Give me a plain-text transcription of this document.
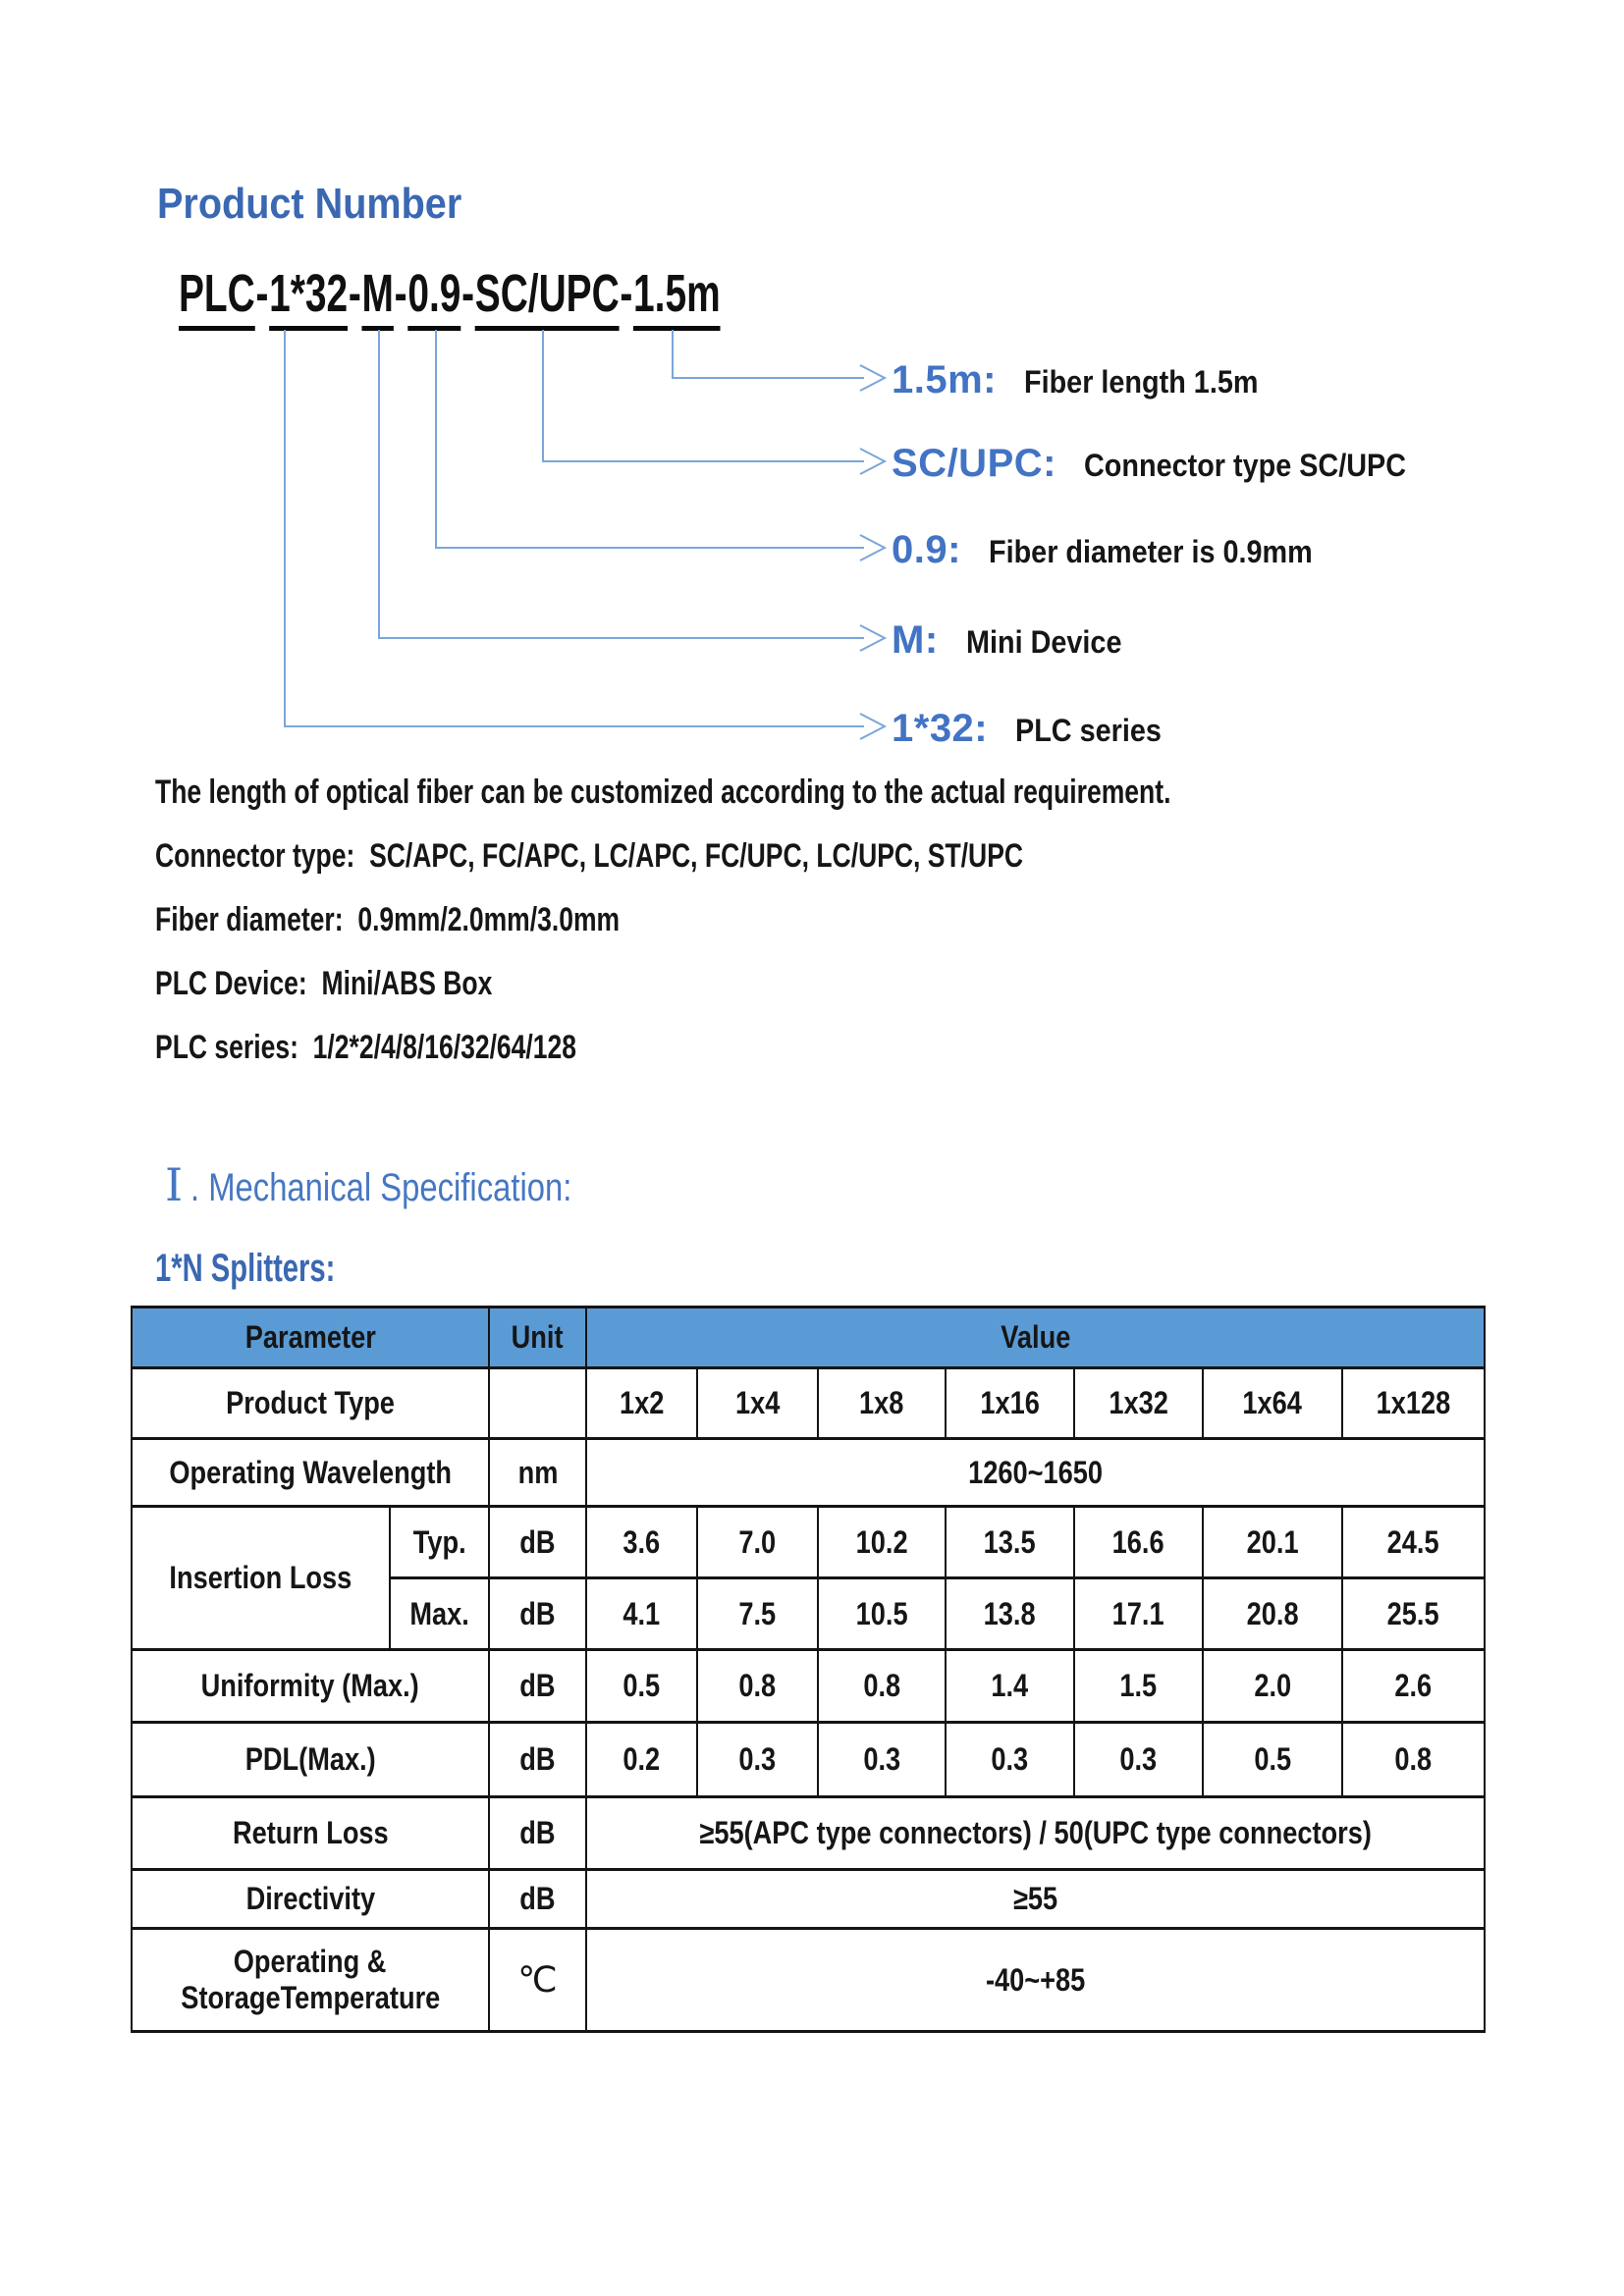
Product Number
PLC-1*32-M-0.9-SC/UPC-1.5m
1.5m: Fiber length 1.5m
SC/UPC: Connector type SC/UPC
0.9: Fiber diameter is 0.9mm
M: Mini Device
1*32: PLC series
The length of optical fiber can be customized according to the actual requirement.
Connector type:  SC/APC, FC/APC, LC/APC, FC/UPC, LC/UPC, ST/UPC
Fiber diameter:  0.9mm/2.0mm/3.0mm
PLC Device:  Mini/ABS Box
PLC series:  1/2*2/4/8/16/32/64/128
I . Mechanical Specification:
1*N Splitters:
Parameter		Unit	Value						
Product Type			1x2	1x4	1x8	1x16	1x32	1x64	1x128
Operating Wavelength		nm	1260~1650						
Insertion Loss	Typ.	dB	3.6	7.0	10.2	13.5	16.6	20.1	24.5
	Max.	dB	4.1	7.5	10.5	13.8	17.1	20.8	25.5
Uniformity (Max.)		dB	0.5	0.8	0.8	1.4	1.5	2.0	2.6
PDL(Max.)		dB	0.2	0.3	0.3	0.3	0.3	0.5	0.8
Return Loss		dB	≥55(APC type connectors) / 50(UPC type connectors)						
Directivity		dB	≥55						

Operating &
StorageTemperature		℃	-40~+85						
